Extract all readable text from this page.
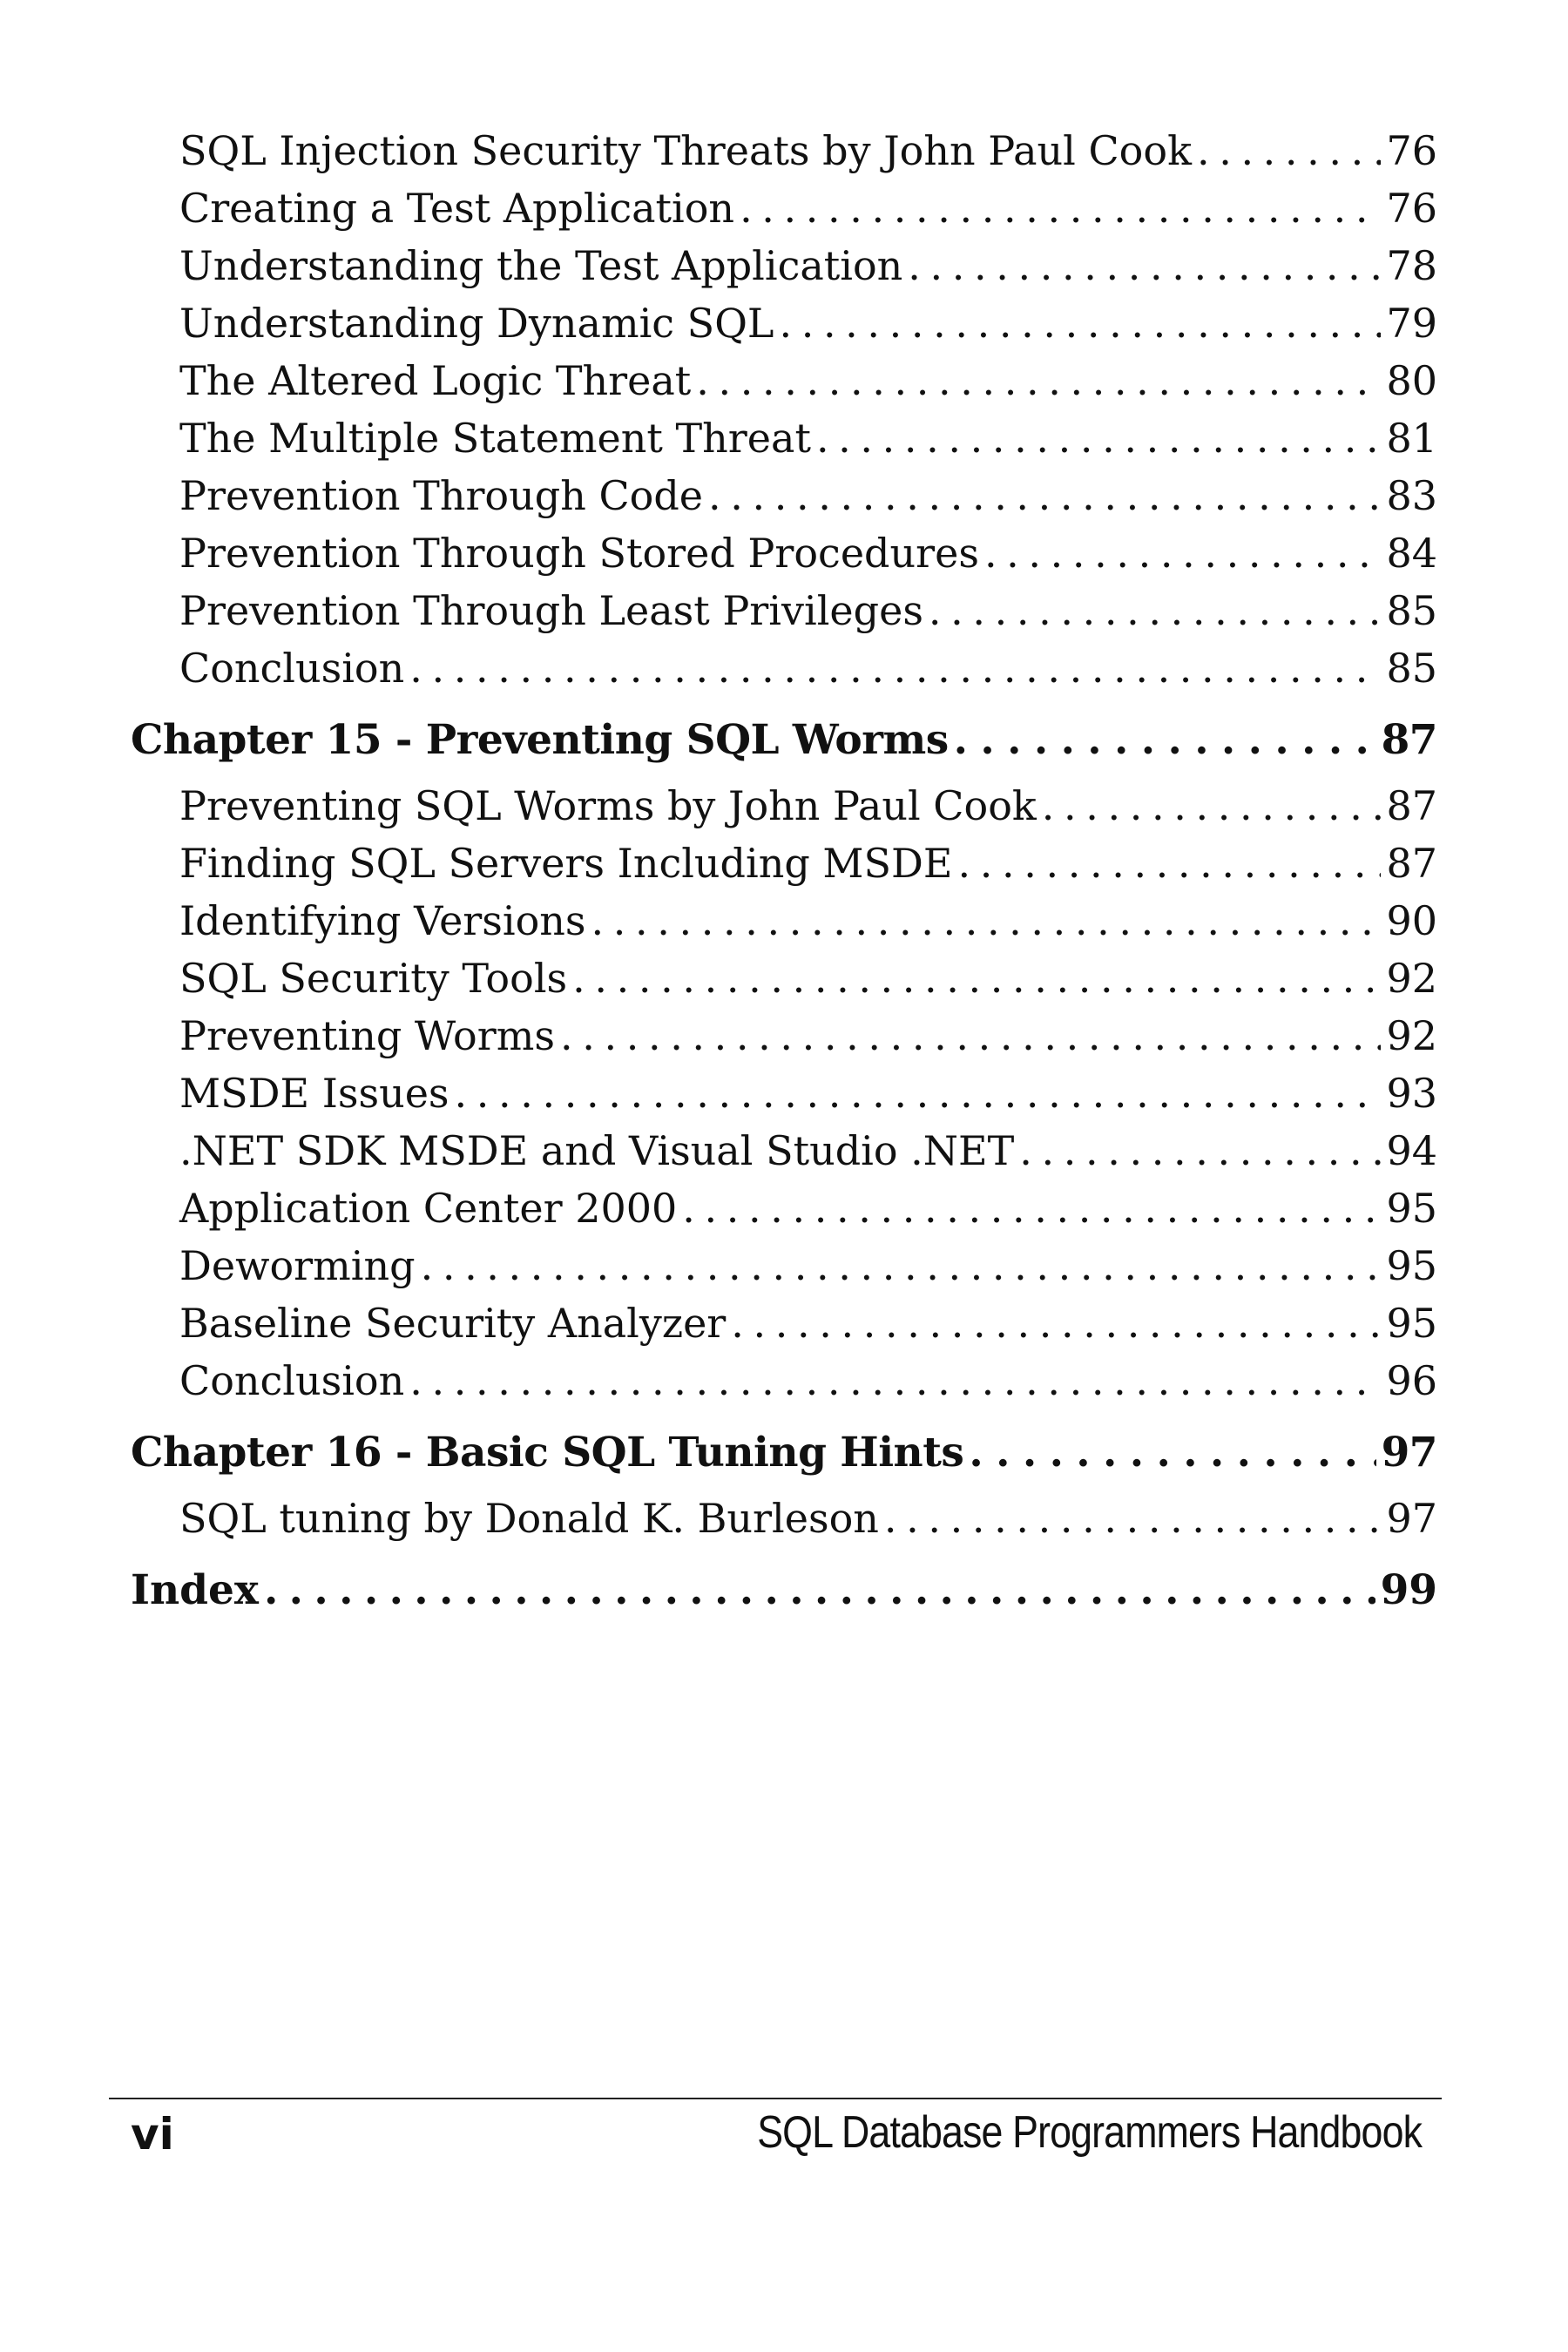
SQL Injection Security Threats by John Paul Cook . . .	76
Creating a Test Application . . .	76
Understanding the Test Application . . .	78
Understanding Dynamic SQL . . .	79
The Altered Logic Threat . . .	80
The Multiple Statement Threat . . .	81
Prevention Through Code . . .	83
Prevention Through Stored Procedures . . .	84
Prevention Through Least Privileges . . .	85
Conclusion . . .	85
Chapter 15 - Preventing SQL Worms . . .	87
Preventing SQL Worms by John Paul Cook . . .	87
Finding SQL Servers Including MSDE . . .	87
Identifying Versions . . .	90
SQL Security Tools . . .	92
Preventing Worms . . .	92
MSDE Issues . . .	93
.NET SDK MSDE and Visual Studio .NET . . .	94
Application Center 2000 . . .	95
Deworming . . .	95
Baseline Security Analyzer . . .	95
Conclusion . . .	96
Chapter 16 - Basic SQL Tuning Hints . . .	97
SQL tuning by Donald K. Burleson . . .	97
Index . . .	99
vi	SQL Database Programmers Handbook
